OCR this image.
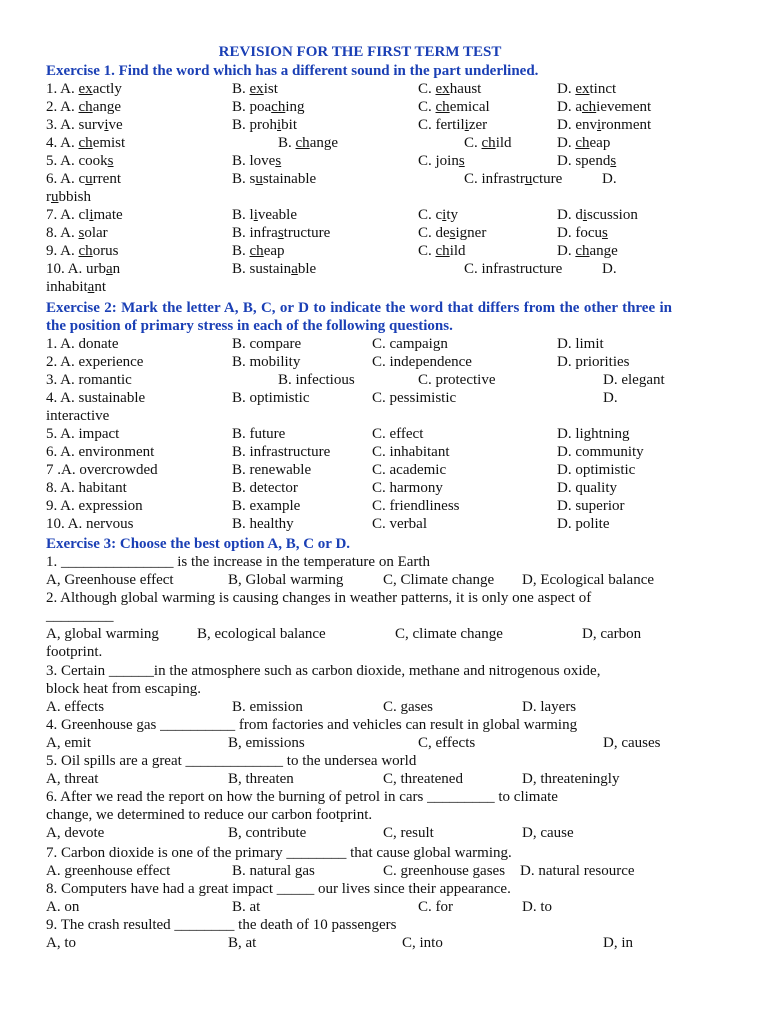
REVISION FOR THE FIRST TERM TEST
Exercise 1. Find the word which has a different sound in the part underlined.
1. A. exactly	B. exist	C. exhaust	D. extinct
2. A. change	B. poaching	C. chemical	D. achievement
3. A. survive	B. prohibit	C. fertilizer	D. environment
4. A. chemist	B. change	C. child	D. cheap
5. A. cooks	B. loves	C. joins	D. spends
6. A. current	B. sustainable	C. infrastructure	D.
rubbish
7. A. climate	B. liveable	C. city	D. discussion
8. A. solar	B. infrastructure	C. designer	D. focus
9. A. chorus	B. cheap	C. child	D. change
10. A. urban	B. sustainable	C. infrastructure	D.
inhabitant
Exercise 2: Mark the letter A, B, C, or D to indicate the word that differs from the other three in the position of primary stress in each of the following questions.
1. A. donate	B. compare	C. campaign	D. limit
2. A. experience	B. mobility	C. independence	D. priorities
3. A. romantic	B. infectious	C. protective	D. elegant
4. A. sustainable	B. optimistic	C. pessimistic	D.
interactive
5. A. impact	B. future	C. effect	D. lightning
6. A. environment	B. infrastructure	C. inhabitant	D. community
7 .A. overcrowded	B. renewable	C. academic	D. optimistic
8. A. habitant	B. detector	C. harmony	D. quality
9. A. expression	B. example	C. friendliness	D. superior
10. A. nervous	B. healthy	C. verbal	D. polite
Exercise 3: Choose the best option A, B, C or D.
1. _______________ is the increase in the temperature on Earth
A, Greenhouse effect	B, Global warming	C, Climate change D, Ecological balance
2. Although global warming is causing changes in weather patterns, it is only one aspect of
_________
A, global warming	B, ecological balance	C, climate change	D, carbon
footprint.
3. Certain ______in the atmosphere such as carbon dioxide, methane and nitrogenous oxide,
block heat from escaping.
A. effects	B. emission	C. gases	D. layers
4. Greenhouse gas __________ from factories and vehicles can result in global warming
A, emit	B, emissions	C, effects	D, causes
5. Oil spills are a great _____________ to the undersea world
A, threat	B, threaten	C, threatened	D, threateningly
6. After we read the report on how the burning of petrol in cars _________ to climate
change, we determined to reduce our carbon footprint.
A, devote	B, contribute	C, result	D, cause
7. Carbon dioxide is one of the primary ________ that cause global warming.
A. greenhouse effect	B. natural gas	C. greenhouse gases D. natural resource
8. Computers have had a great impact _____ our lives since their appearance.
A. on	B. at	C. for	D. to
9. The crash resulted ________ the death of 10 passengers
A, to	B, at	C, into	D, in
